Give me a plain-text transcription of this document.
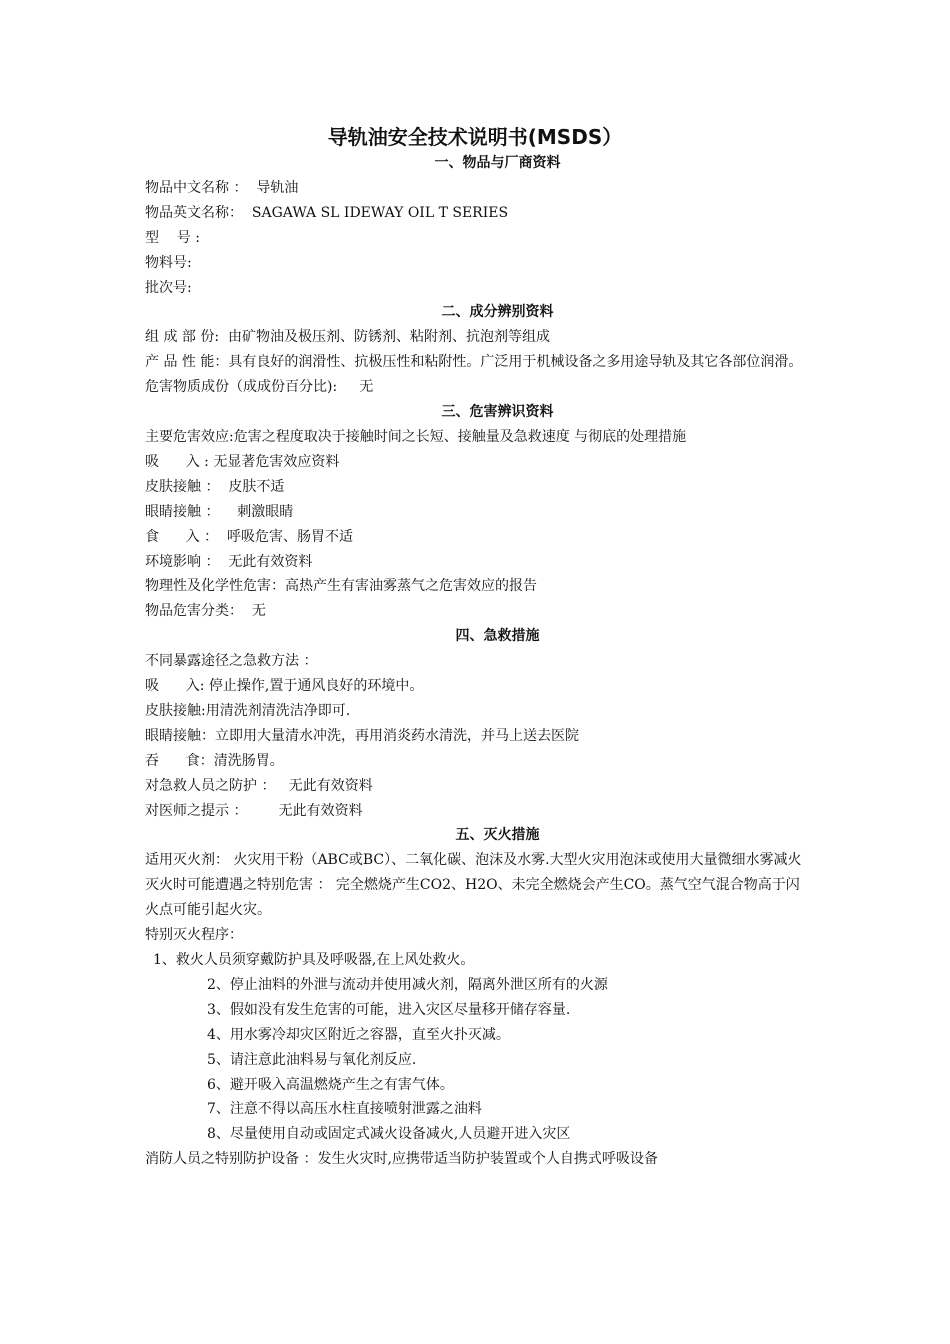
导轨油安全技术说明书(MSDS）
一、物品与厂商资料
物品中文名称 ：  导轨油
物品英文名称：  SAGAWA SL IDEWAY OIL T SERIES
型    号 :
物料号:
批次号:
二、成分辨别资料
组 成 部 份:  由矿物油及极压剂、防锈剂、粘附剂、抗泡剂等组成
产 品 性 能：具有良好的润滑性、抗极压性和粘附性。广泛用于机械设备之多用途导轨及其它各部位润滑。
危害物质成份（成成份百分比):     无
三、危害辨识资料
主要危害效应:危害之程度取决于接触时间之长短、接触量及急救速度 与彻底的处理措施
吸      入 : 无显著危害效应资料
皮肤接触 ：  皮肤不适
眼睛接触 ：    刺激眼睛
食      入 ：  呼吸危害、肠胃不适
环境影响 ：  无此有效资料
物理性及化学性危害：高热产生有害油雾蒸气之危害效应的报告
物品危害分类：  无
四、急救措施
不同暴露途径之急救方法 ：
吸      入: 停止操作,置于通风良好的环境中。
皮肤接触:用清洗剂清洗洁净即可.
眼睛接触：立即用大量清水冲洗，再用消炎药水清洗，并马上送去医院
吞      食：清洗肠胃。
对急救人员之防护 ：   无此有效资料
对医师之提示 ：       无此有效资料
五、灭火措施
适用灭火剂： 火灾用干粉（ABC或BC）、二氧化碳、泡沫及水雾.大型火灾用泡沫或使用大量微细水雾减火
灭火时可能遭遇之特别危害 ： 完全燃烧产生CO2、H2O、未完全燃烧会产生CO。蒸气空气混合物高于闪火点可能引起火灾。
特别灭火程序：
1、救火人员须穿戴防护具及呼吸器,在上风处救火。
2、停止油料的外泄与流动并使用减火剂，隔离外泄区所有的火源
3、假如没有发生危害的可能，进入灾区尽量移开储存容量.
4、用水雾冷却灾区附近之容器，直至火扑灭减。
5、请注意此油料易与氧化剂反应.
6、避开吸入高温燃烧产生之有害气体。
7、注意不得以高压水柱直接喷射泄露之油料
8、尽量使用自动或固定式减火设备减火,人员避开进入灾区
消防人员之特别防护设备 ：发生火灾时,应携带适当防护装置或个人自携式呼吸设备
